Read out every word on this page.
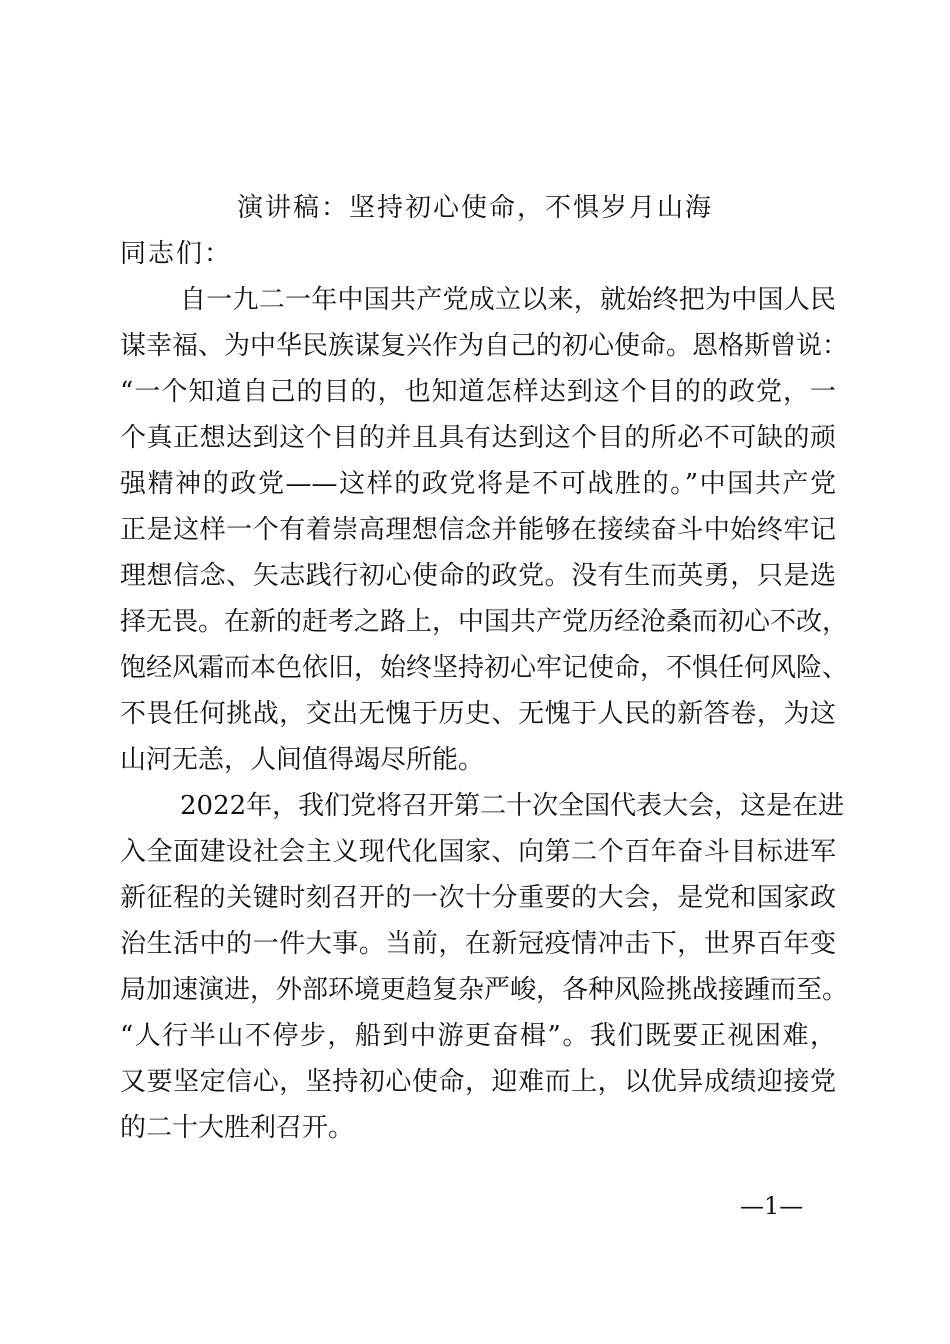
演讲稿：坚持初心使命，不惧岁月山海
同志们：
自一九二一年中国共产党成立以来，就始终把为中国人民
谋幸福、为中华民族谋复兴作为自己的初心使命。恩格斯曾说：
“一个知道自己的目的，也知道怎样达到这个目的的政党，一
个真正想达到这个目的并且具有达到这个目的所必不可缺的顽
强精神的政党——这样的政党将是不可战胜的。”中国共产党
正是这样一个有着崇高理想信念并能够在接续奋斗中始终牢记
理想信念、矢志践行初心使命的政党。没有生而英勇，只是选
择无畏。在新的赶考之路上，中国共产党历经沧桑而初心不改，
饱经风霜而本色依旧，始终坚持初心牢记使命，不惧任何风险、
不畏任何挑战，交出无愧于历史、无愧于人民的新答卷，为这
山河无恙，人间值得竭尽所能。
2022年，我们党将召开第二十次全国代表大会，这是在进
入全面建设社会主义现代化国家、向第二个百年奋斗目标进军
新征程的关键时刻召开的一次十分重要的大会，是党和国家政
治生活中的一件大事。当前，在新冠疫情冲击下，世界百年变
局加速演进，外部环境更趋复杂严峻，各种风险挑战接踵而至。
“人行半山不停步，船到中游更奋楫”。我们既要正视困难，
又要坚定信心，坚持初心使命，迎难而上，以优异成绩迎接党
的二十大胜利召开。
—1—
